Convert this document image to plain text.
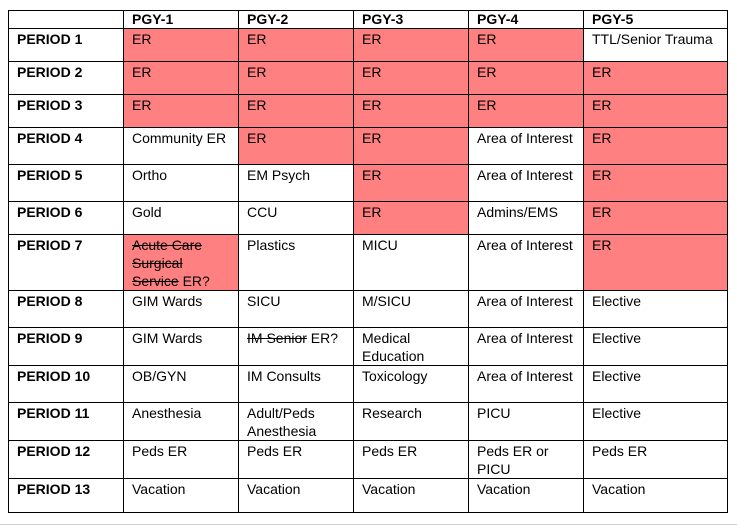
	PGY-1	PGY-2	PGY-3	PGY-4	PGY-5
PERIOD 1	ER	ER	ER	ER	TTL/Senior Trauma
PERIOD 2	ER	ER	ER	ER	ER
PERIOD 3	ER	ER	ER	ER	ER
PERIOD 4	Community ER	ER	ER	Area of Interest	ER
PERIOD 5	Ortho	EM Psych	ER	Area of Interest	ER
PERIOD 6	Gold	CCU	ER	Admins/EMS	ER
PERIOD 7	Acute Care Surgical Service ER?	Plastics	MICU	Area of Interest	ER
PERIOD 8	GIM Wards	SICU	M/SICU	Area of Interest	Elective
PERIOD 9	GIM Wards	IM Senior ER?	Medical Education	Area of Interest	Elective
PERIOD 10	OB/GYN	IM Consults	Toxicology	Area of Interest	Elective
PERIOD 11	Anesthesia	Adult/Peds Anesthesia	Research	PICU	Elective
PERIOD 12	Peds ER	Peds ER	Peds ER	Peds ER or PICU	Peds ER
PERIOD 13	Vacation	Vacation	Vacation	Vacation	Vacation
